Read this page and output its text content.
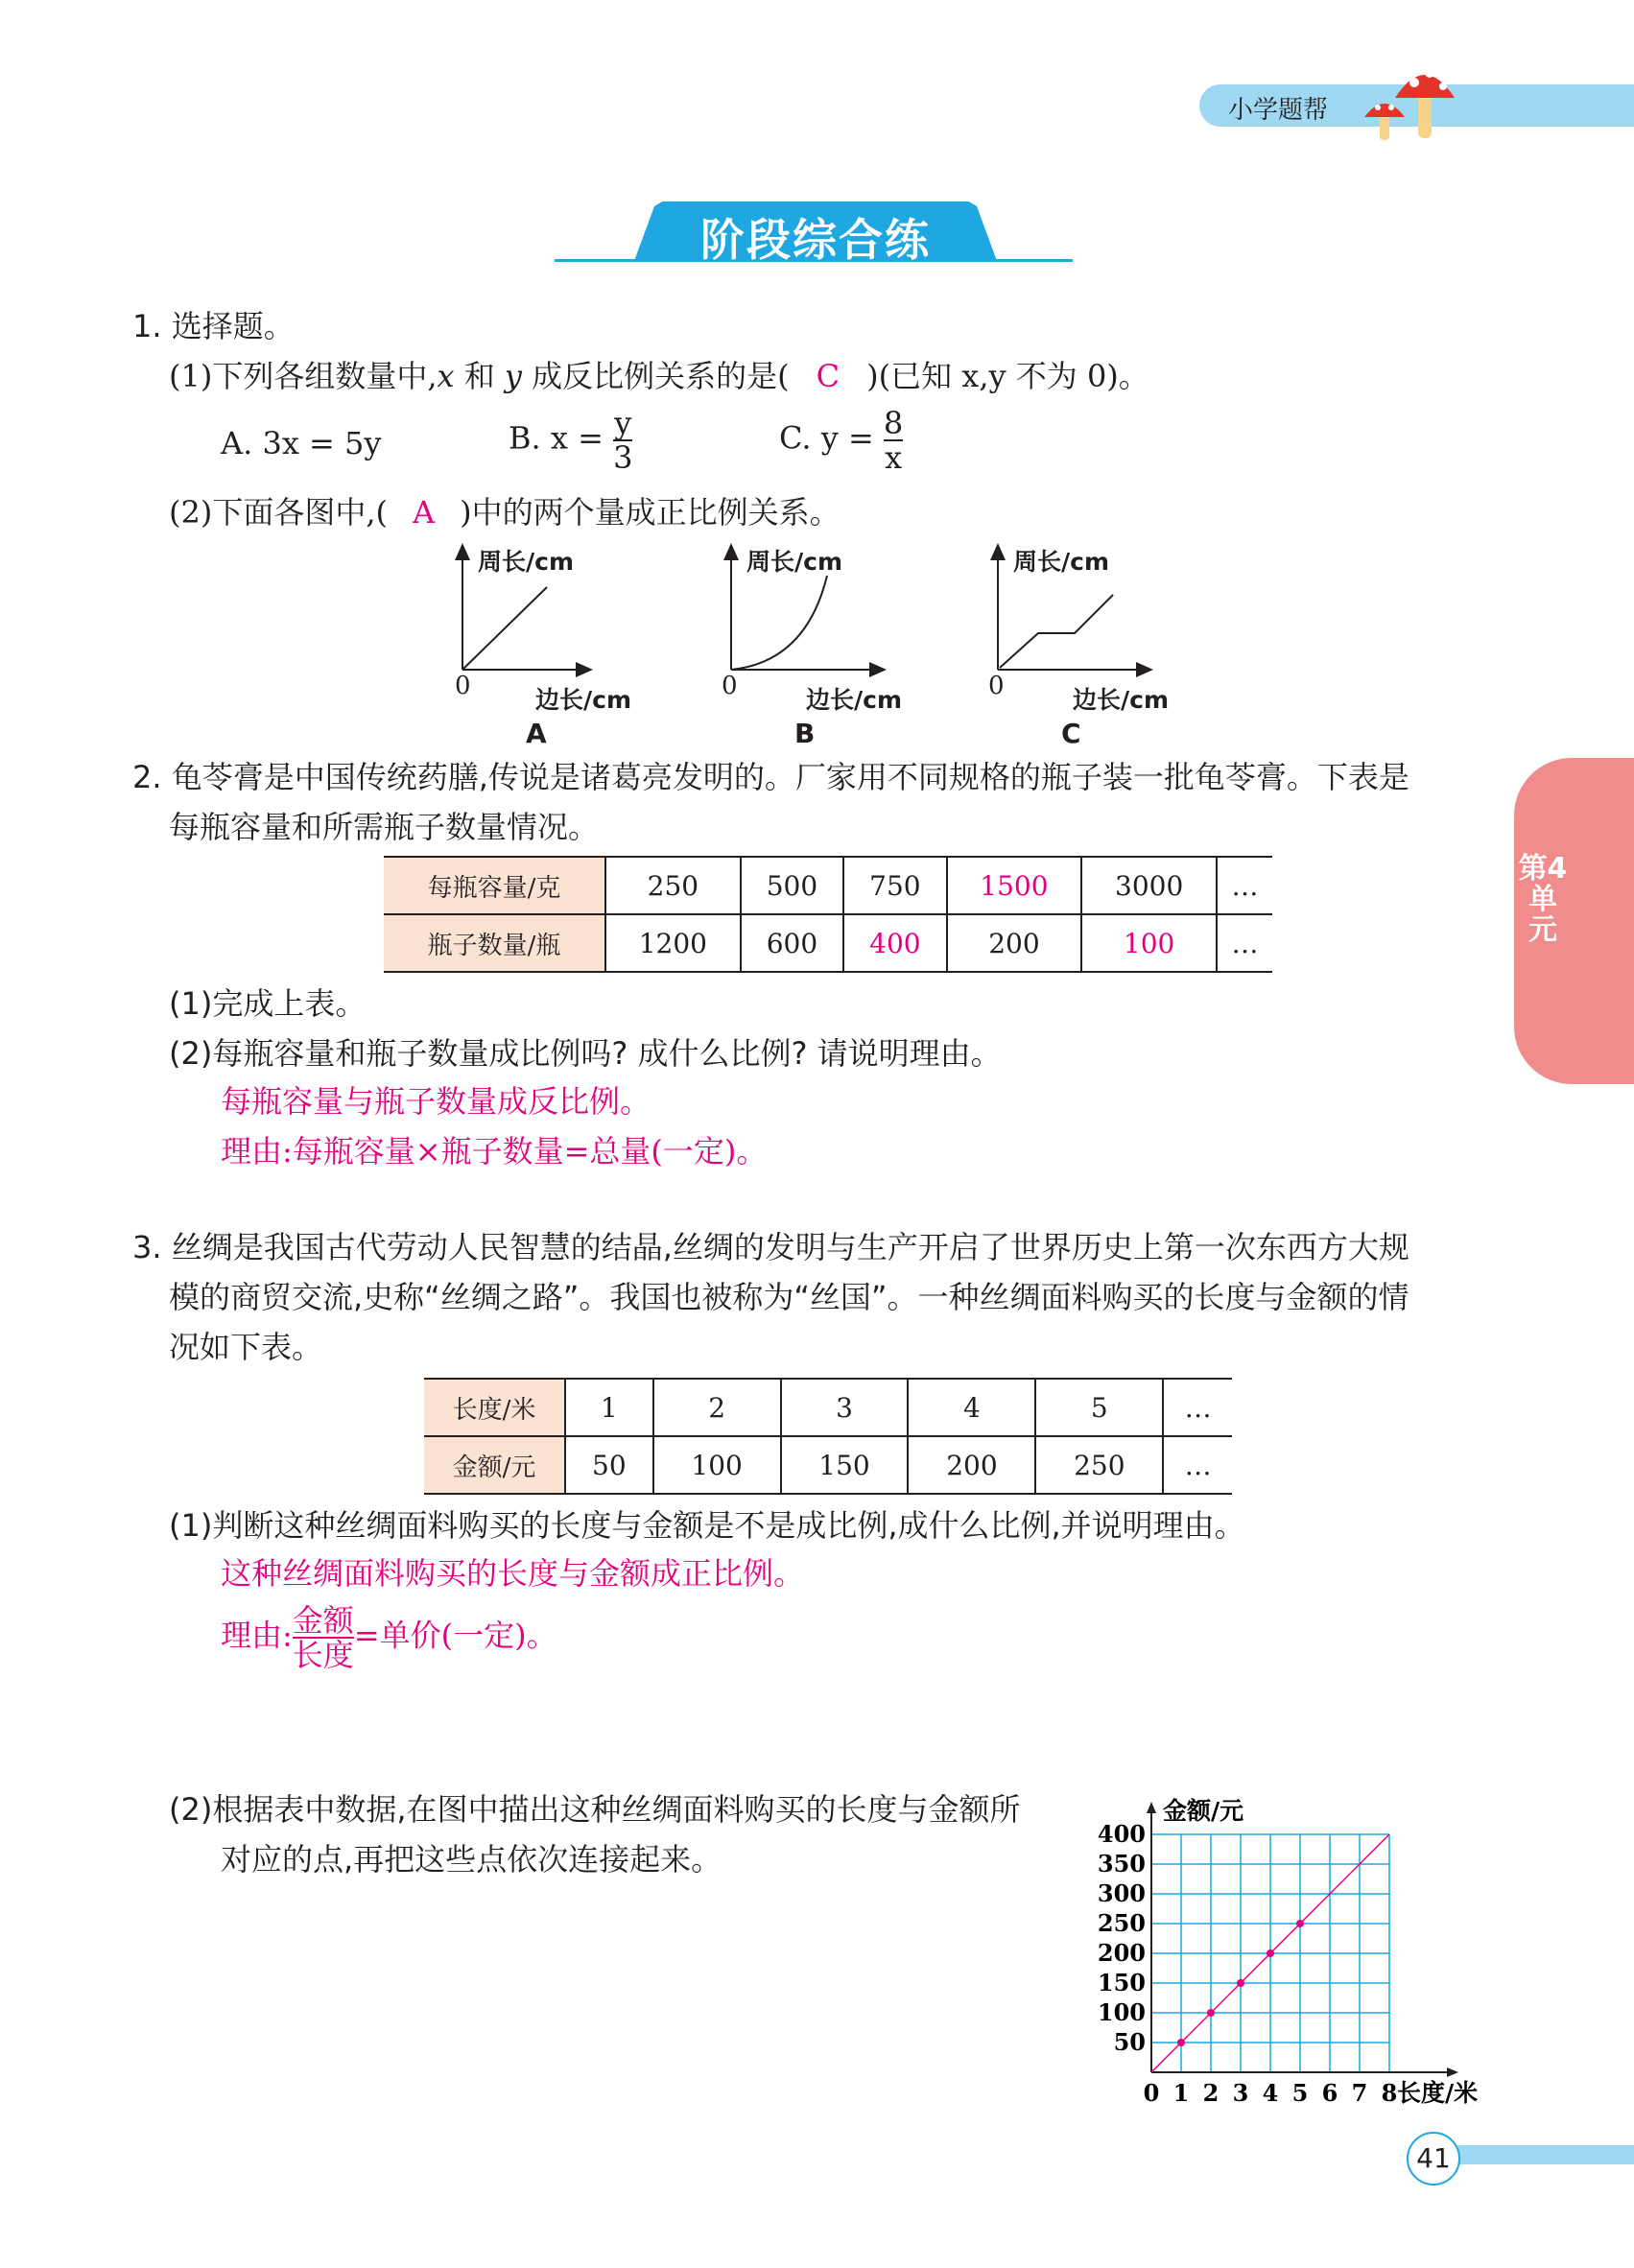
小学题帮
阶段综合练
第4单元
1. 选择题。
(1)下列各组数量中,x 和 y 成反比例关系的是( C )(已知 x,y 不为 0)。
A. 3x = 5y	B. $x = \frac{y}{3}$	C. $y = \frac{8}{x}$
(2)下面各图中,( A )中的两个量成正比例关系。
周长/cm	周长/cm	周长/cm
0	0	0
边长/cm	边长/cm	边长/cm
A	B	C
2. 龟苓膏是中国传统药膳,传说是诸葛亮发明的。厂家用不同规格的瓶子装一批龟苓膏。下表是
每瓶容量和所需瓶子数量情况。
每瓶容量/克	250	500	750	1500	3000	…
瓶子数量/瓶	1200	600	400	200	100	…
(1)完成上表。
(2)每瓶容量和瓶子数量成比例吗? 成什么比例? 请说明理由。
每瓶容量与瓶子数量成反比例。
理由:每瓶容量×瓶子数量=总量(一定)。
3. 丝绸是我国古代劳动人民智慧的结晶,丝绸的发明与生产开启了世界历史上第一次东西方大规
模的商贸交流,史称“丝绸之路”。我国也被称为“丝国”。一种丝绸面料购买的长度与金额的情
况如下表。
长度/米	1	2	3	4	5	…
金额/元	50	100	150	200	250	…
(1)判断这种丝绸面料购买的长度与金额是不是成比例,成什么比例,并说明理由。
这种丝绸面料购买的长度与金额成正比例。
理由: $\frac{\text{金额}}{\text{长度}}$ =单价(一定)。
(2)根据表中数据,在图中描出这种丝绸面料购买的长度与金额所
对应的点,再把这些点依次连接起来。
0 1 2 3 4 5 6 7 8
50
100
150
200
250
300
350
400
金额/元
长度/米
41
